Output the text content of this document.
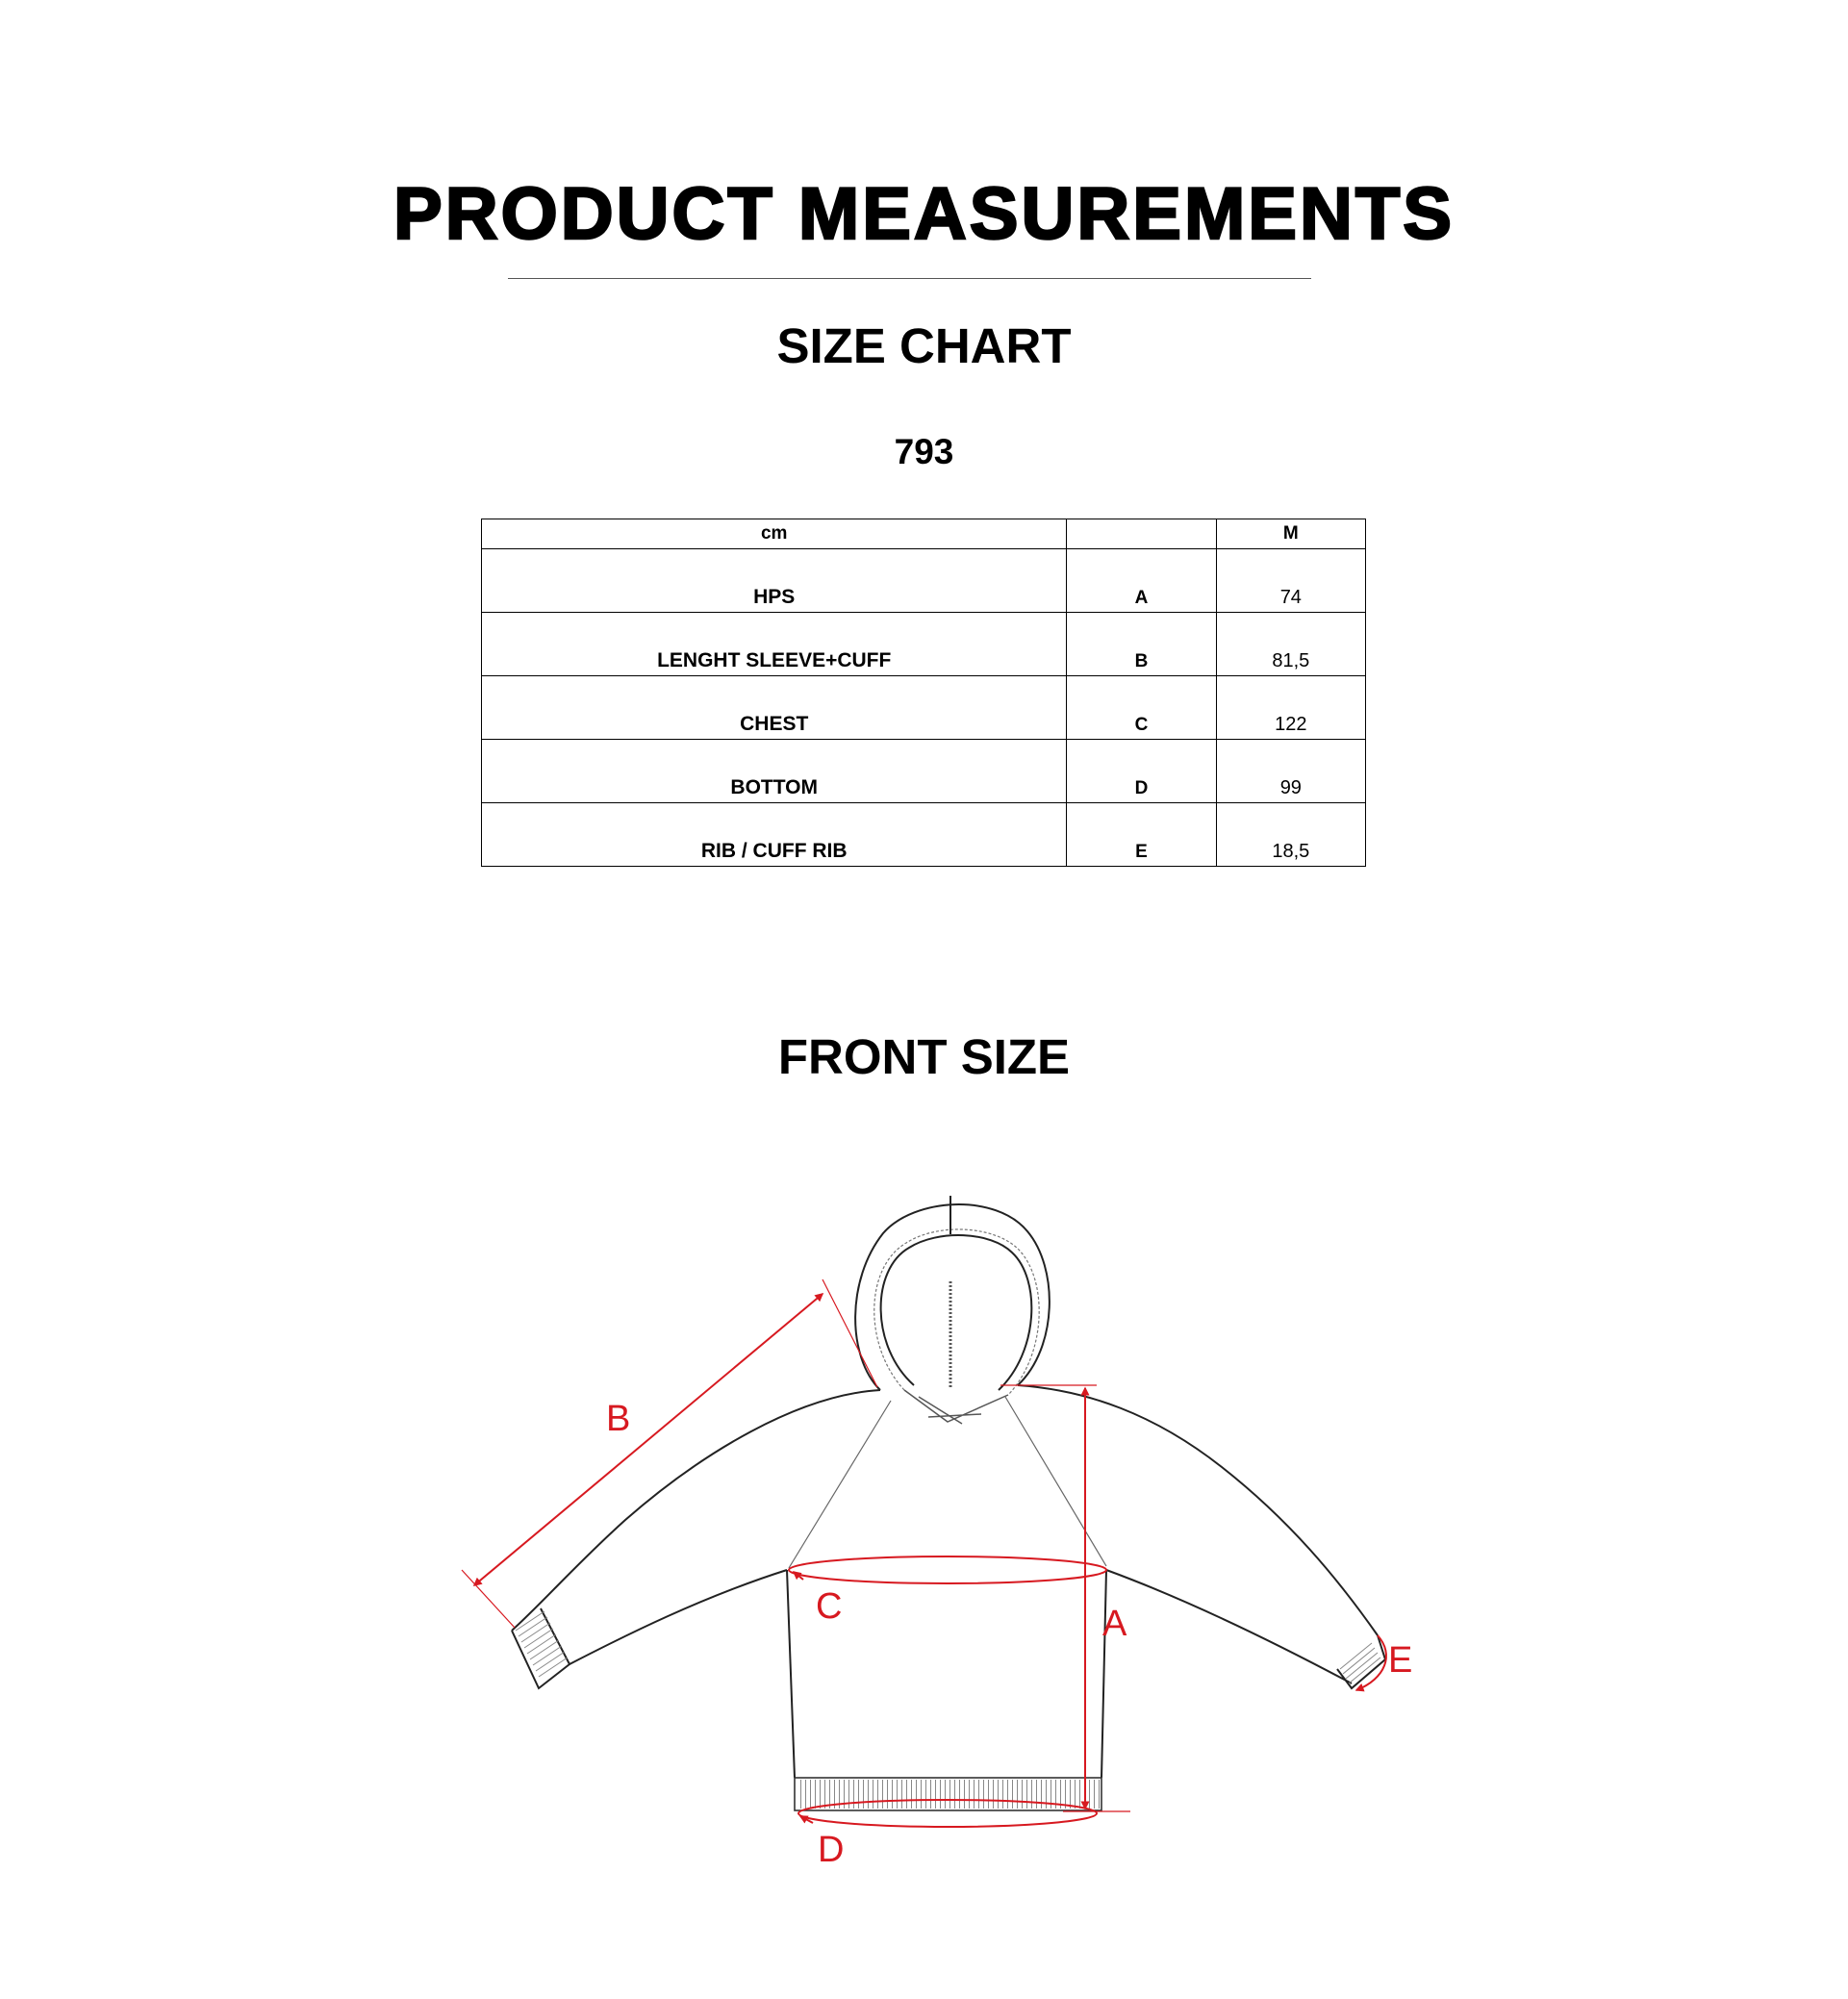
PRODUCT MEASUREMENTS
SIZE CHART
793
cm		M
HPS	A	74
LENGHT SLEEVE+CUFF	B	81,5
CHEST	C	122
BOTTOM	D	99
RIB / CUFF RIB	E	18,5
FRONT SIZE
B
A
C
D
E
